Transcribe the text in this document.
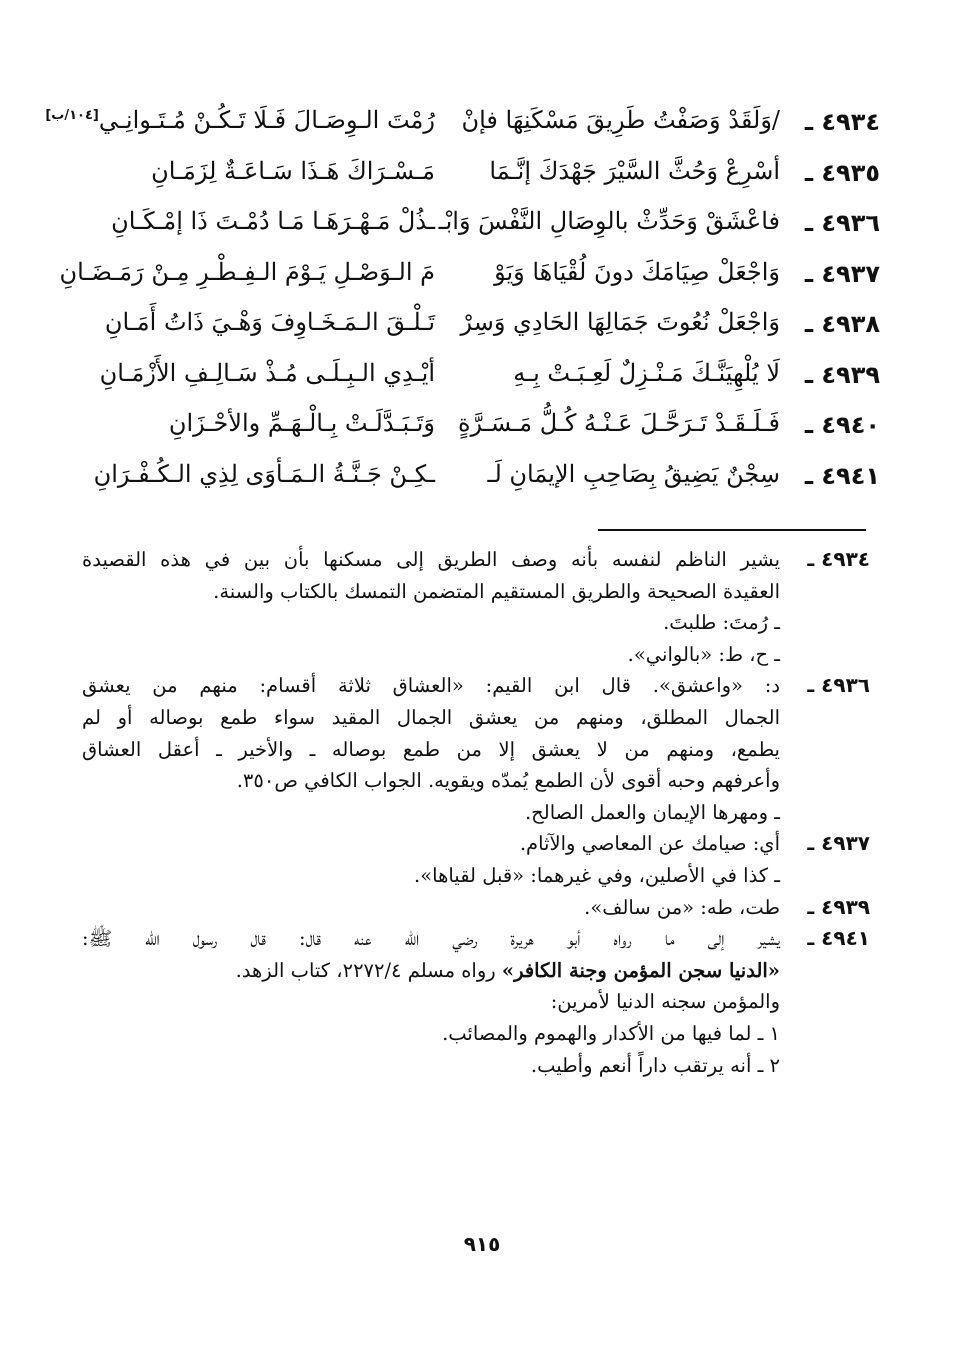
٤٩٣٤ ـ
/وَلَقَدْ وَصَفْتُ طَرِيقَ مَسْكَنِهَا فإنْ
رُمْتَ الـوِصَـالَ فَـلَا تَـكُـنْ مُـتَـوانِـي[١٠٤/ب]
٤٩٣٥ ـ
أسْرِعْ وَحُثَّ السَّيْرَ جَهْدَكَ إنَّـمَا
مَـسْـرَاكَ هَـذَا سَـاعَـةٌ لِزَمَـانِ
٤٩٣٦ ـ
فاعْشَقْ وَحَدِّثْ بالوِصَالِ النَّفْسَ وَابْـ
ـذُلْ مَـهْـرَهَـا مَـا دُمْـتَ ذَا إمْـكَـانِ
٤٩٣٧ ـ
وَاجْعَلْ صِيَامَكَ دونَ لُقْيَاهَا وَيَوْ
مَ الـوَصْـلِ يَـوْمَ الـفِـطْـرِ مِـنْ رَمَـضَـانِ
٤٩٣٨ ـ
وَاجْعَلْ نُعُوتَ جَمَالِهَا الحَادِي وَسِرْ
تَـلْـقَ الـمَـخَـاوِفَ وَهْـيَ ذَاتُ أَمَـانِ
٤٩٣٩ ـ
لَا يُلْهِيَنَّـكَ مَـنْـزِلٌ لَعِـبَـتْ بِـهِ
أيْـدِي الـبِـلَـى مُـذْ سَـالِـفِ الأَزْمَـانِ
٤٩٤٠ ـ
فَـلَـقَـدْ تَـرَحَّـلَ عَـنْـهُ كُـلُّ مَـسَـرَّةٍ
وَتَـبَـدَّلَـتْ بِـالْـهَـمِّ والأحْـزَانِ
٤٩٤١ ـ
سِجْنٌ يَضِيقُ بِصَاحِبِ الإيمَانِ لَـ
ـكِـنْ جَـنَّـةُ الـمَـأوَى لِذِي الـكُـفْـرَانِ
٤٩٣٤ ـ
يشير الناظم لنفسه بأنه وصف الطريق إلى مسكنها بأن بين في هذه القصيدة
العقيدة الصحيحة والطريق المستقيم المتضمن التمسك بالكتاب والسنة.
ـ رُمتَ: طلبتَ.
ـ ح، ط: «بالواني».
٤٩٣٦ ـ
د: «واعشق». قال ابن القيم: «العشاق ثلاثة أقسام: منهم من يعشق
الجمال المطلق، ومنهم من يعشق الجمال المقيد سواء طمع بوصاله أو لم
يطمع، ومنهم من لا يعشق إلا من طمع بوصاله ـ والأخير ـ أعقل العشاق
وأعرفهم وحبه أقوى لأن الطمع يُمدّه ويقويه. الجواب الكافي ص٣٥٠.
ـ ومهرها الإيمان والعمل الصالح.
٤٩٣٧ ـ
أي: صيامك عن المعاصي والآثام.
ـ كذا في الأصلين، وفي غيرهما: «قبل لقياها».
٤٩٣٩ ـ
طت، طه: «من سالف».
٤٩٤١ ـ
يشير إلى ما رواه أبو هريرة رضي الله عنه قال: قال رسول الله ﷺ:
«الدنيا سجن المؤمن وجنة الكافر» رواه مسلم ٢٢٧٢/٤، كتاب الزهد.
والمؤمن سجنه الدنيا لأمرين:
١ ـ لما فيها من الأكدار والهموم والمصائب.
٢ ـ أنه يرتقب داراً أنعم وأطيب.
٩١٥
